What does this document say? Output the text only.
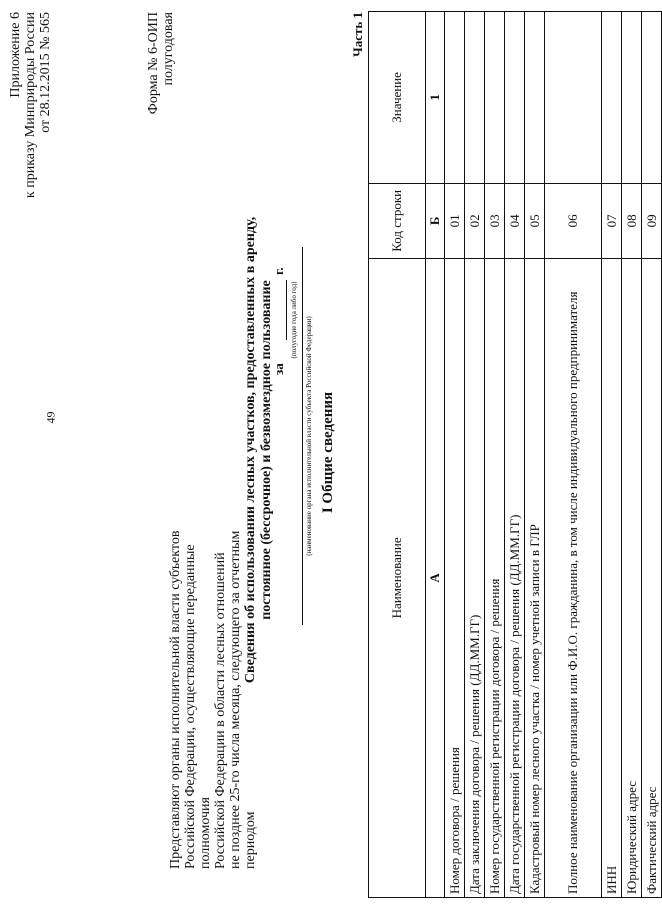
49
Приложение 6 к приказу Минприроды России от 28.12.2015 № 565	Форма № 6-ОИП полугодовая
Представляют органы исполнительной власти субъектов Российской Федерации, осуществляющие переданные полномочия Российской Федерации в области лесных отношений не позднее 25-го числа месяца, следующего за отчетным периодом
Сведения об использовании лесных участков, предоставленных в аренду, постоянное (бессрочное) и безвозмездное пользование
за
г.
(полугодие года либо год) (наименование органа исполнительной власти субъекта Российской Федерации) I Общие сведения
Часть 1
Наименование	Код строки	Значение
А	Б	1
Номер договора / решения	01	
Дата заключения договора / решения (ДД.ММ.ГГ)	02	
Номер государственной регистрации договора / решения	03	
Дата государственной регистрации договора / решения (ДД.ММ.ГГ)	04	
Кадастровый номер лесного участка / номер учетной записи в ГЛР	05	
Полное наименование организации или Ф.И.О. гражданина, в том числе индивидуального предпринимателя	06	
ИНН	07	
Юридический адрес	08	
Фактический адрес	09	
